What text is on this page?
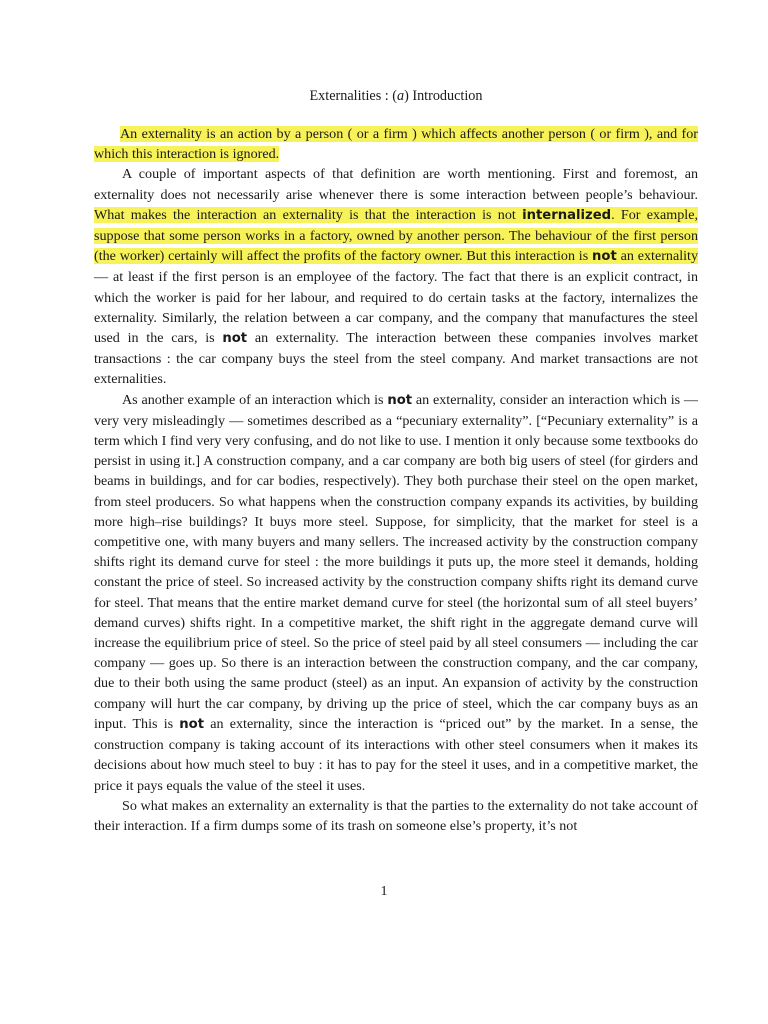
Externalities : (a) Introduction

An externality is an action by a person ( or a firm ) which affects another person ( or firm ), and for which this interaction is ignored.

A couple of important aspects of that definition are worth mentioning. First and foremost, an externality does not necessarily arise whenever there is some interaction between people’s behaviour. What makes the interaction an externality is that the interaction is not internalized. For example, suppose that some person works in a factory, owned by another person. The behaviour of the first person (the worker) certainly will affect the profits of the factory owner. But this interaction is not an externality — at least if the first person is an employee of the factory. The fact that there is an explicit contract, in which the worker is paid for her labour, and required to do certain tasks at the factory, internalizes the externality. Similarly, the relation between a car company, and the company that manufactures the steel used in the cars, is not an externality. The interaction between these companies involves market transactions : the car company buys the steel from the steel company. And market transactions are not externalities.

As another example of an interaction which is not an externality, consider an interaction which is — very very misleadingly — sometimes described as a “pecuniary externality”. [“Pecuniary externality” is a term which I find very very confusing, and do not like to use. I mention it only because some textbooks do persist in using it.] A construction company, and a car company are both big users of steel (for girders and beams in buildings, and for car bodies, respectively). They both purchase their steel on the open market, from steel producers. So what happens when the construction company expands its activities, by building more high–rise buildings? It buys more steel. Suppose, for simplicity, that the market for steel is a competitive one, with many buyers and many sellers. The increased activity by the construction company shifts right its demand curve for steel : the more buildings it puts up, the more steel it demands, holding constant the price of steel. So increased activity by the construction company shifts right its demand curve for steel. That means that the entire market demand curve for steel (the horizontal sum of all steel buyers’ demand curves) shifts right. In a competitive market, the shift right in the aggregate demand curve will increase the equilibrium price of steel. So the price of steel paid by all steel consumers — including the car company — goes up. So there is an interaction between the construction company, and the car company, due to their both using the same product (steel) as an input. An expansion of activity by the construction company will hurt the car company, by driving up the price of steel, which the car company buys as an input. This is not an externality, since the interaction is “priced out” by the market. In a sense, the construction company is taking account of its interactions with other steel consumers when it makes its decisions about how much steel to buy : it has to pay for the steel it uses, and in a competitive market, the price it pays equals the value of the steel it uses.

So what makes an externality an externality is that the parties to the externality do not take account of their interaction. If a firm dumps some of its trash on someone else’s property, it’s not

1
